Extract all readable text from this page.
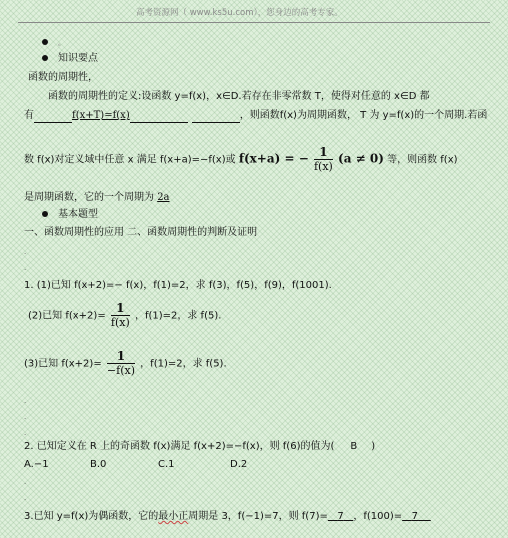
高考资源网（ www.ks5u.com），您身边的高考专家。
。
知识要点
函数的周期性，
函数的周期性的定义:设函数 y=f(x)，x∈D.若存在非零常数 T，使得对任意的 x∈D 都
有	f(x+T)=f(x)	，则函数f(x)为周期函数， T 为 y=f(x)的一个周期.若函
数 f(x)对定义域中任意 x 满足 f(x+a)=−f(x)或 f(x+a) = − $\frac{1}{f(x)} (a \ne 0)$ 等，则函数 f(x)
是周期函数，它的一个周期为 2a
基本题型
一、函数周期性的应用 二、函数周期性的判断及证明
.
.
1. (1)已知 f(x+2)=− f(x)，f(1)=2，求 f(3)，f(5)，f(9)，f(1001).
(2)已知 $f(x+2)= \frac{1}{f(x)}$ ，f(1)=2，求 f(5).
(3)已知 $f(x+2)= \frac{1}{-f(x)}$ ，f(1)=2，求 f(5).
.
.
.
2. 已知定义在 R 上的奇函数 f(x)满足 f(x+2)=−f(x)，则 f(6)的值为( B )
A.−1	B.0	C.1	D.2
.
.
3.已知 y=f(x)为偶函数，它的最小正周期是 3，f(−1)=7，则 f(7)= 7 ，f(100)= 7
